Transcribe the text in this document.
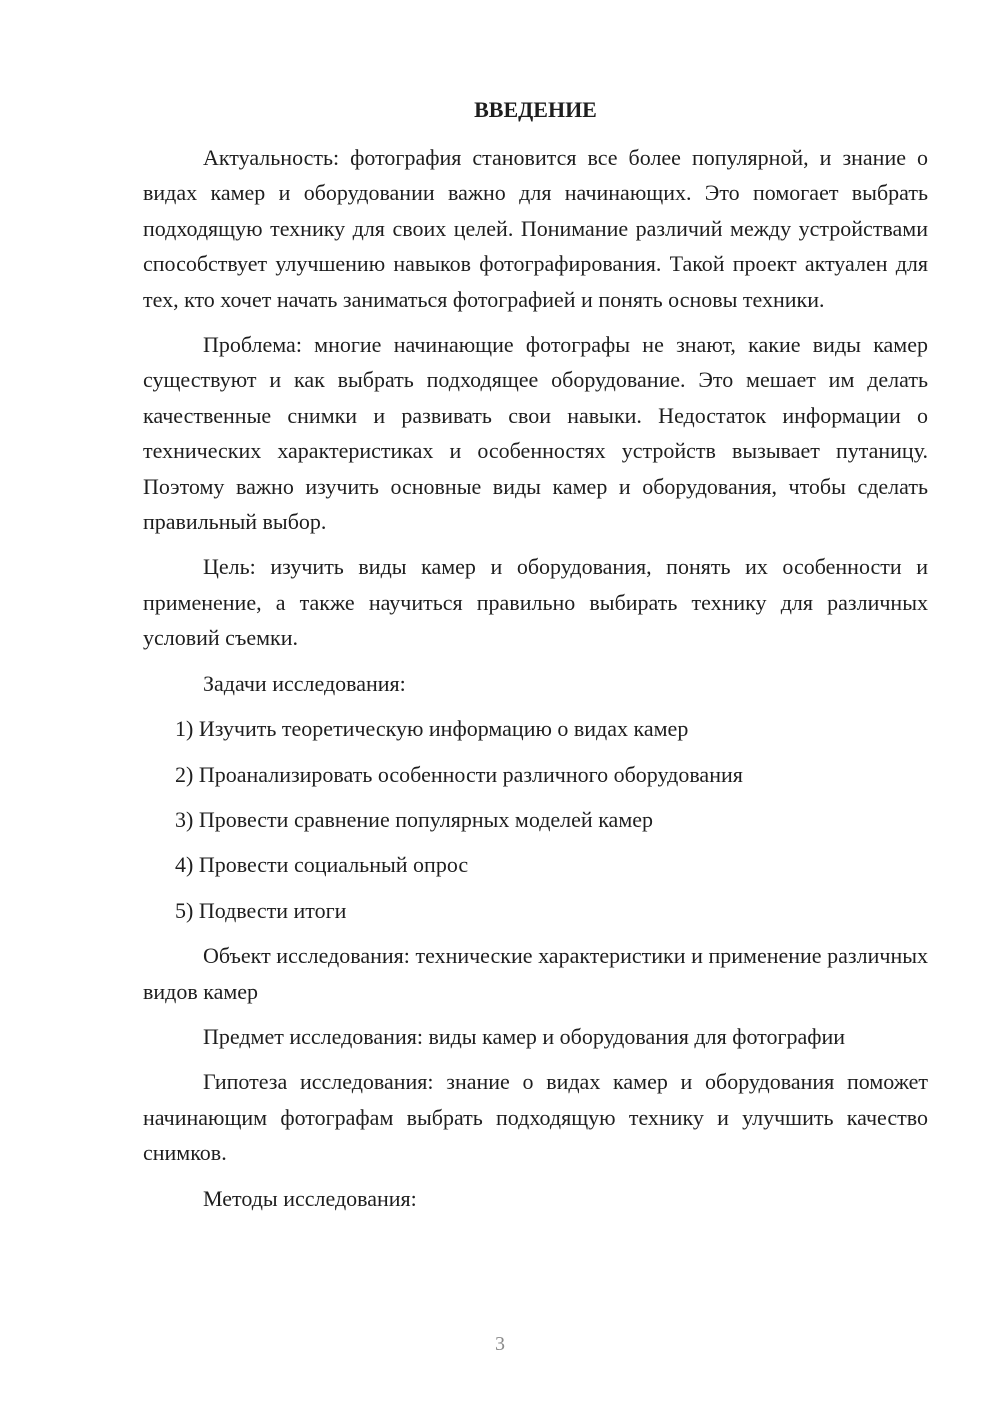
ВВЕДЕНИЕ

Актуальность: фотография становится все более популярной, и знание о видах камер и оборудовании важно для начинающих. Это помогает выбрать подходящую технику для своих целей. Понимание различий между устройствами способствует улучшению навыков фотографирования. Такой проект актуален для тех, кто хочет начать заниматься фотографией и понять основы техники.

Проблема: многие начинающие фотографы не знают, какие виды камер существуют и как выбрать подходящее оборудование. Это мешает им делать качественные снимки и развивать свои навыки. Недостаток информации о технических характеристиках и особенностях устройств вызывает путаницу. Поэтому важно изучить основные виды камер и оборудования, чтобы сделать правильный выбор.

Цель: изучить виды камер и оборудования, понять их особенности и применение, а также научиться правильно выбирать технику для различных условий съемки.

Задачи исследования:

1) Изучить теоретическую информацию о видах камер

2) Проанализировать особенности различного оборудования

3) Провести сравнение популярных моделей камер

4) Провести социальный опрос

5) Подвести итоги

Объект исследования: технические характеристики и применение различных видов камер

Предмет исследования: виды камер и оборудования для фотографии

Гипотеза исследования: знание о видах камер и оборудования поможет начинающим фотографам выбрать подходящую технику и улучшить качество снимков.

Методы исследования:

3
